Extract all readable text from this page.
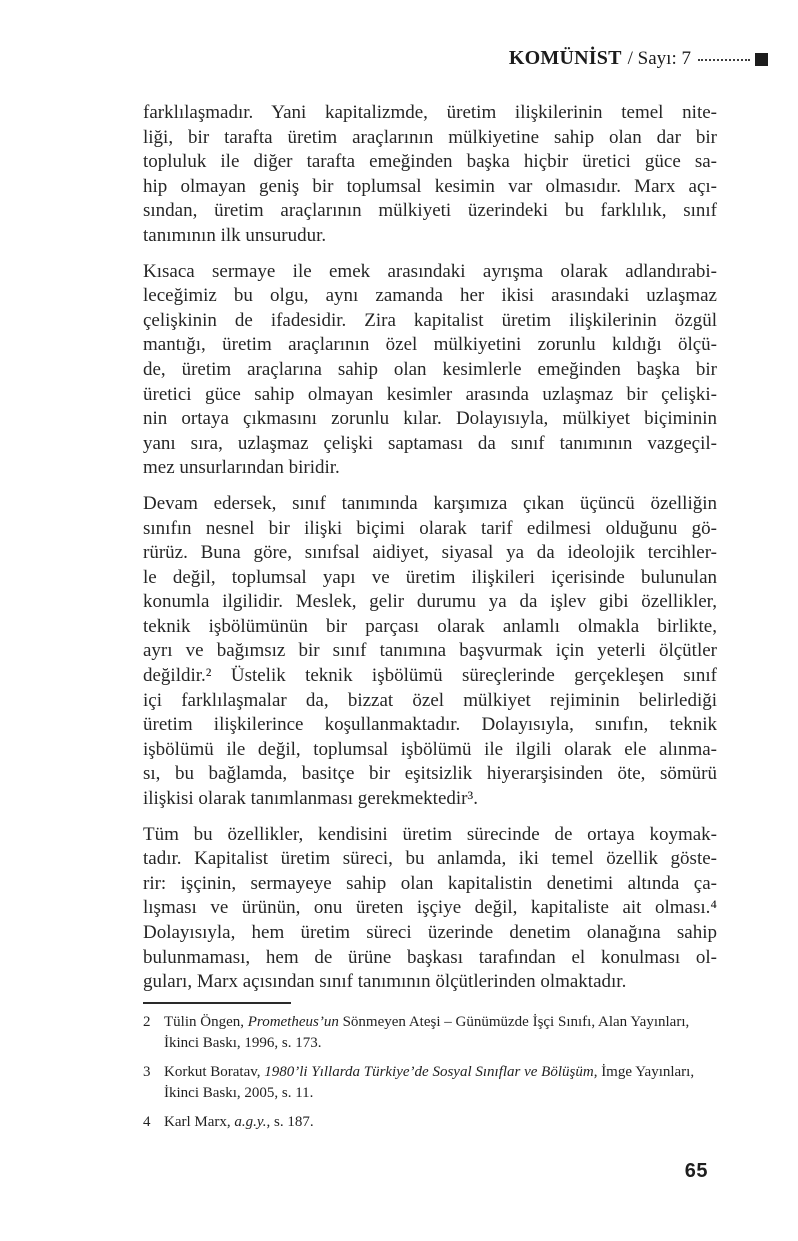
KOMÜNİST / Sayı: 7

farklılaşmadır. Yani kapitalizmde, üretim ilişkilerinin temel nite-
liği, bir tarafta üretim araçlarının mülkiyetine sahip olan dar bir
topluluk ile diğer tarafta emeğinden başka hiçbir üretici güce sa-
hip olmayan geniş bir toplumsal kesimin var olmasıdır. Marx açı-
sından, üretim araçlarının mülkiyeti üzerindeki bu farklılık, sınıf
tanımının ilk unsurudur.

Kısaca sermaye ile emek arasındaki ayrışma olarak adlandırabi-
leceğimiz bu olgu, aynı zamanda her ikisi arasındaki uzlaşmaz
çelişkinin de ifadesidir. Zira kapitalist üretim ilişkilerinin özgül
mantığı, üretim araçlarının özel mülkiyetini zorunlu kıldığı ölçü-
de, üretim araçlarına sahip olan kesimlerle emeğinden başka bir
üretici güce sahip olmayan kesimler arasında uzlaşmaz bir çelişki-
nin ortaya çıkmasını zorunlu kılar. Dolayısıyla, mülkiyet biçiminin
yanı sıra, uzlaşmaz çelişki saptaması da sınıf tanımının vazgeçil-
mez unsurlarından biridir.

Devam edersek, sınıf tanımında karşımıza çıkan üçüncü özelliğin
sınıfın nesnel bir ilişki biçimi olarak tarif edilmesi olduğunu gö-
rürüz. Buna göre, sınıfsal aidiyet, siyasal ya da ideolojik tercihler-
le değil, toplumsal yapı ve üretim ilişkileri içerisinde bulunulan
konumla ilgilidir. Meslek, gelir durumu ya da işlev gibi özellikler,
teknik işbölümünün bir parçası olarak anlamlı olmakla birlikte,
ayrı ve bağımsız bir sınıf tanımına başvurmak için yeterli ölçütler
değildir.² Üstelik teknik işbölümü süreçlerinde gerçekleşen sınıf
içi farklılaşmalar da, bizzat özel mülkiyet rejiminin belirlediği
üretim ilişkilerince koşullanmaktadır. Dolayısıyla, sınıfın, teknik
işbölümü ile değil, toplumsal işbölümü ile ilgili olarak ele alınma-
sı, bu bağlamda, basitçe bir eşitsizlik hiyerarşisinden öte, sömürü
ilişkisi olarak tanımlanması gerekmektedir³.

Tüm bu özellikler, kendisini üretim sürecinde de ortaya koymak-
tadır. Kapitalist üretim süreci, bu anlamda, iki temel özellik göste-
rir: işçinin, sermayeye sahip olan kapitalistin denetimi altında ça-
lışması ve ürünün, onu üreten işçiye değil, kapitaliste ait olması.⁴
Dolayısıyla, hem üretim süreci üzerinde denetim olanağına sahip
bulunmaması, hem de ürüne başkası tarafından el konulması ol-
guları, Marx açısından sınıf tanımının ölçütlerinden olmaktadır.

2 Tülin Öngen, Prometheus’un Sönmeyen Ateşi – Günümüzde İşçi Sınıfı, Alan Yayınları, İkinci Baskı, 1996, s. 173.
3 Korkut Boratav, 1980’li Yıllarda Türkiye’de Sosyal Sınıflar ve Bölüşüm, İmge Yayınları, İkinci Baskı, 2005, s. 11.
4 Karl Marx, a.g.y., s. 187.
65
